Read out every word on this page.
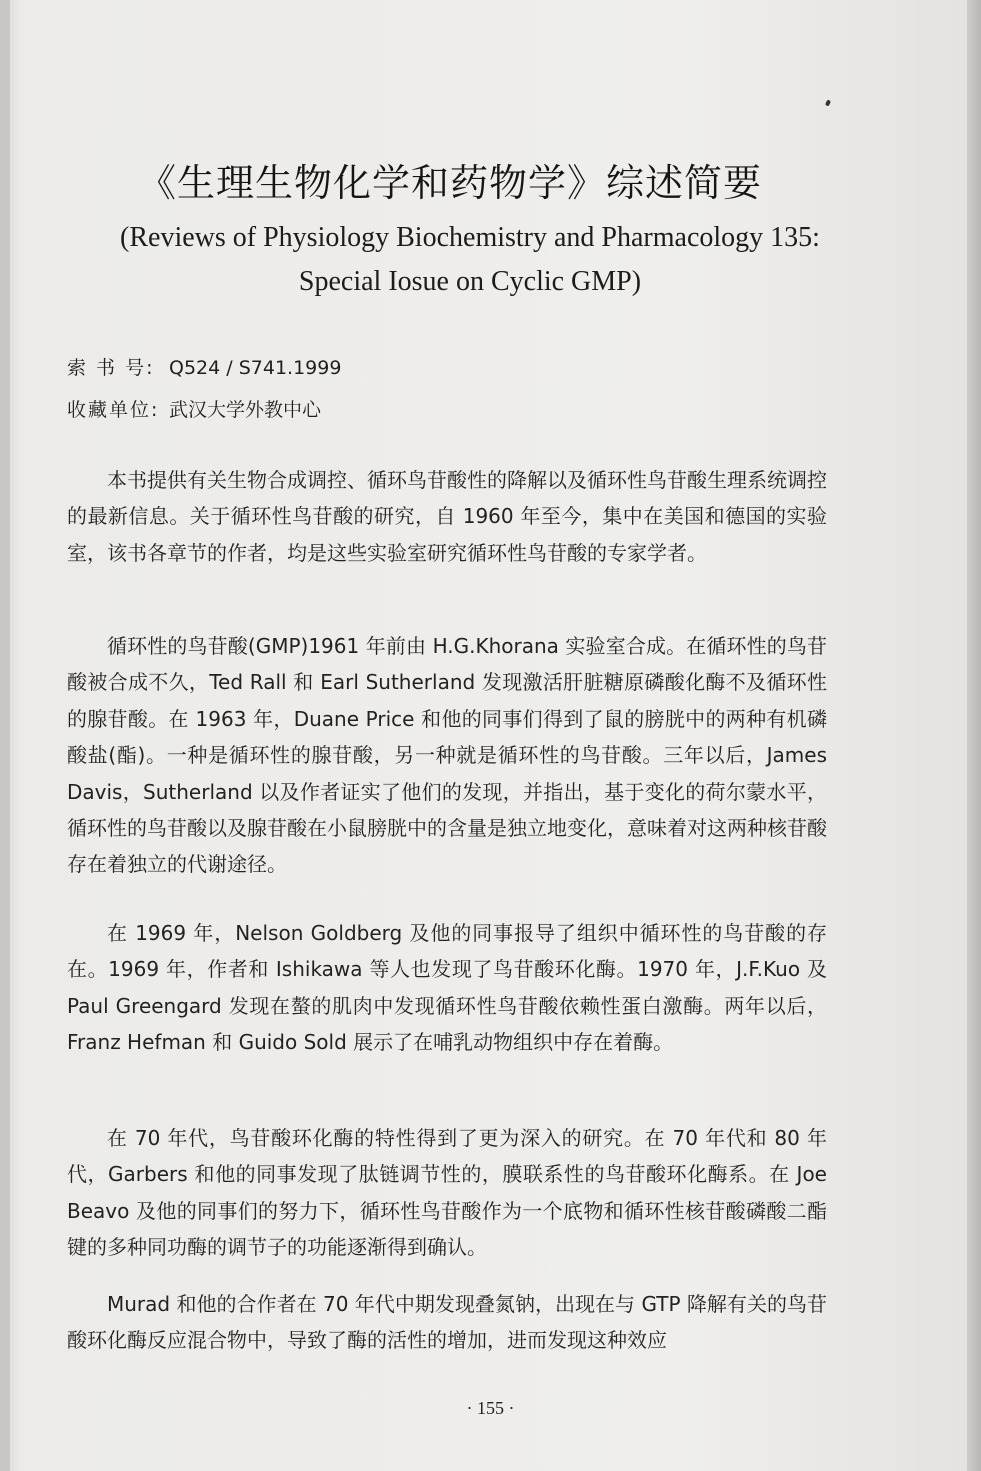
《生理生物化学和药物学》综述简要
(Reviews of Physiology Biochemistry and Pharmacology 135:
Special Iosue on Cyclic GMP)
索 书 号: Q524 / S741.1999
收藏单位: 武汉大学外教中心

本书提供有关生物合成调控、循环鸟苷酸性的降解以及循环性鸟苷酸生理系统调控的最新信息。关于循环性鸟苷酸的研究，自 1960 年至今，集中在美国和德国的实验室，该书各章节的作者，均是这些实验室研究循环性鸟苷酸的专家学者。

循环性的鸟苷酸(GMP)1961 年前由 H.G.Khorana 实验室合成。在循环性的鸟苷酸被合成不久，Ted Rall 和 Earl Sutherland 发现激活肝脏糖原磷酸化酶不及循环性的腺苷酸。在 1963 年，Duane Price 和他的同事们得到了鼠的膀胱中的两种有机磷酸盐(酯)。一种是循环性的腺苷酸，另一种就是循环性的鸟苷酸。三年以后，James Davis，Sutherland 以及作者证实了他们的发现，并指出，基于变化的荷尔蒙水平，循环性的鸟苷酸以及腺苷酸在小鼠膀胱中的含量是独立地变化，意味着对这两种核苷酸存在着独立的代谢途径。

在 1969 年，Nelson Goldberg 及他的同事报导了组织中循环性的鸟苷酸的存在。1969 年，作者和 Ishikawa 等人也发现了鸟苷酸环化酶。1970 年，J.F.Kuo 及 Paul Greengard 发现在螯的肌肉中发现循环性鸟苷酸依赖性蛋白激酶。两年以后，Franz Hefman 和 Guido Sold 展示了在哺乳动物组织中存在着酶。

在 70 年代，鸟苷酸环化酶的特性得到了更为深入的研究。在 70 年代和 80 年代，Garbers 和他的同事发现了肽链调节性的，膜联系性的鸟苷酸环化酶系。在 Joe Beavo 及他的同事们的努力下，循环性鸟苷酸作为一个底物和循环性核苷酸磷酸二酯键的多种同功酶的调节子的功能逐渐得到确认。

Murad 和他的合作者在 70 年代中期发现叠氮钠，出现在与 GTP 降解有关的鸟苷酸环化酶反应混合物中，导致了酶的活性的增加，进而发现这种效应

· 155 ·
